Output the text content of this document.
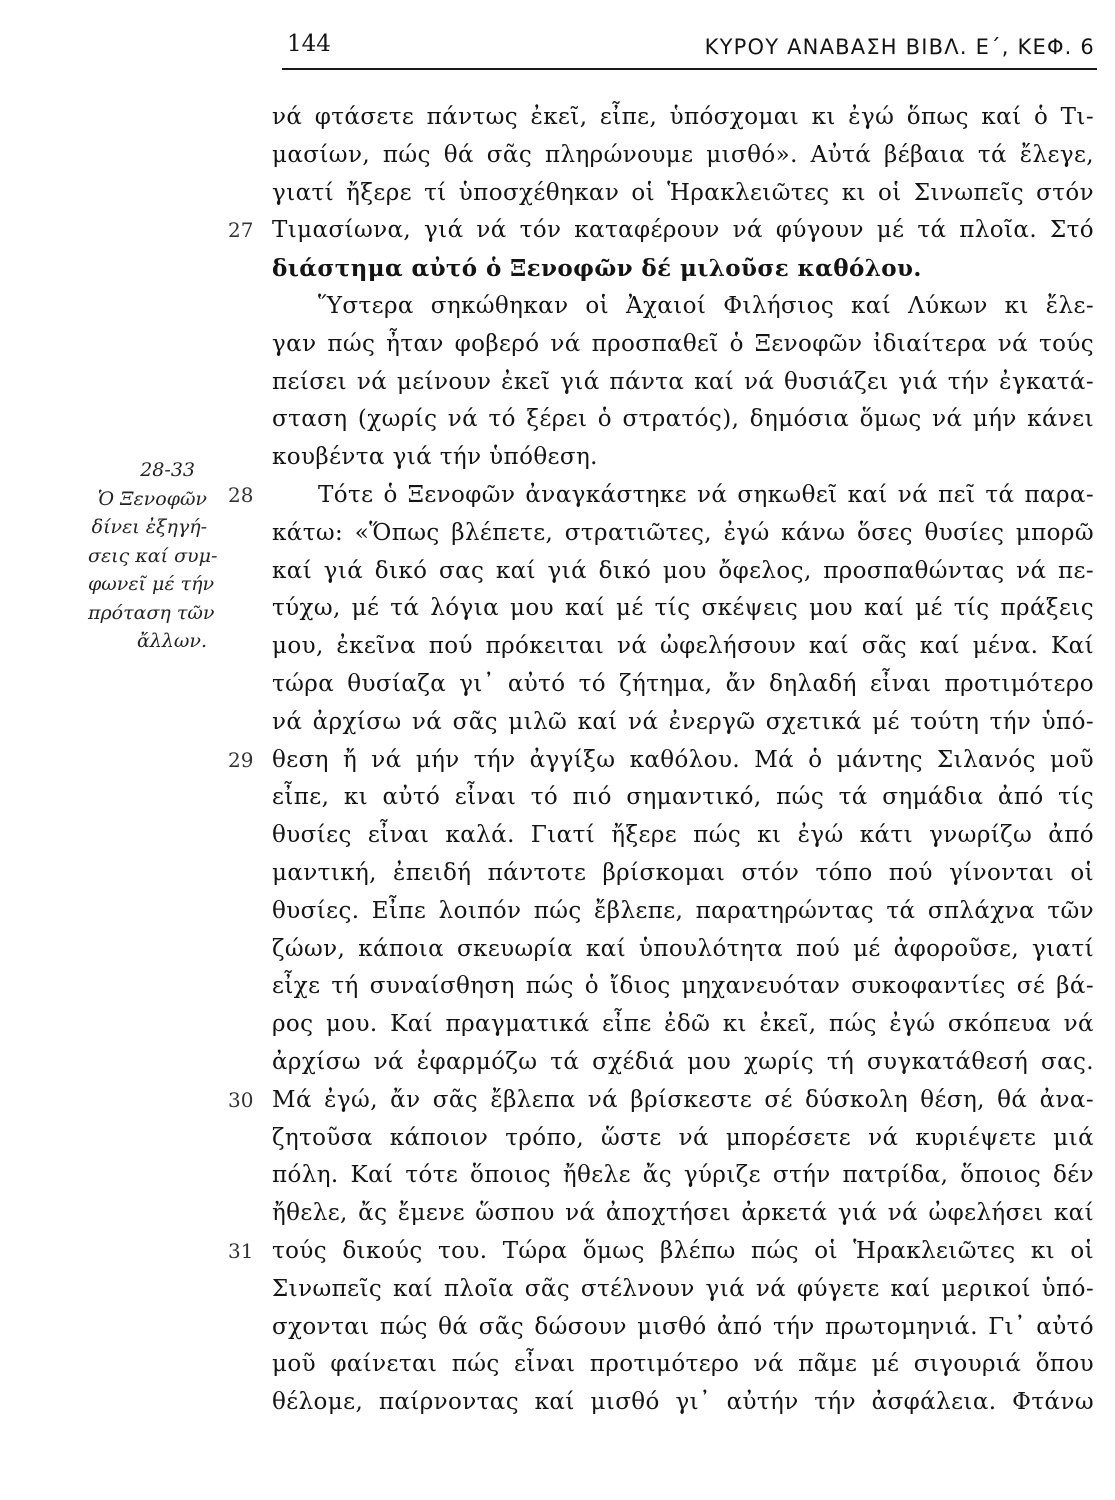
144	ΚΥΡΟΥ ΑΝΑΒΑΣΗ ΒΙΒΛ. Ε΄, ΚΕΦ. 6
27
28
29
30
31
28-33
Ὁ Ξενοφῶν
δίνει ἐξηγή-
σεις καί συμ-
φωνεῖ μέ τήν
πρόταση τῶν
ἄλλων.
νά φτάσετε πάντως ἐκεῖ, εἶπε, ὑπόσχομαι κι ἐγώ ὅπως καί ὁ Τι-
μασίων, πώς θά σᾶς πληρώνουμε μισθό». Αὐτά βέβαια τά ἔλεγε,
γιατί ἤξερε τί ὑποσχέθηκαν οἱ Ἡρακλειῶτες κι οἱ Σινωπεῖς στόν
Τιμασίωνα, γιά νά τόν καταφέρουν νά φύγουν μέ τά πλοῖα. Στό
διάστημα αὐτό ὁ Ξενοφῶν δέ μιλοῦσε καθόλου.
Ὕστερα σηκώθηκαν οἱ Ἀχαιοί Φιλήσιος καί Λύκων κι ἔλε-
γαν πώς ἦταν φοβερό νά προσπαθεῖ ὁ Ξενοφῶν ἰδιαίτερα νά τούς
πείσει νά μείνουν ἐκεῖ γιά πάντα καί νά θυσιάζει γιά τήν ἐγκατά-
σταση (χωρίς νά τό ξέρει ὁ στρατός), δημόσια ὅμως νά μήν κάνει
κουβέντα γιά τήν ὑπόθεση.
Τότε ὁ Ξενοφῶν ἀναγκάστηκε νά σηκωθεῖ καί νά πεῖ τά παρα-
κάτω: «Ὅπως βλέπετε, στρατιῶτες, ἐγώ κάνω ὅσες θυσίες μπορῶ
καί γιά δικό σας καί γιά δικό μου ὄφελος, προσπαθώντας νά πε-
τύχω, μέ τά λόγια μου καί μέ τίς σκέψεις μου καί μέ τίς πράξεις
μου, ἐκεῖνα πού πρόκειται νά ὠφελήσουν καί σᾶς καί μένα. Καί
τώρα θυσίαζα γι᾽ αὐτό τό ζήτημα, ἄν δηλαδή εἶναι προτιμότερο
νά ἀρχίσω νά σᾶς μιλῶ καί νά ἐνεργῶ σχετικά μέ τούτη τήν ὑπό-
θεση ἤ νά μήν τήν ἀγγίξω καθόλου. Μά ὁ μάντης Σιλανός μοῦ
εἶπε, κι αὐτό εἶναι τό πιό σημαντικό, πώς τά σημάδια ἀπό τίς
θυσίες εἶναι καλά. Γιατί ἤξερε πώς κι ἐγώ κάτι γνωρίζω ἀπό
μαντική, ἐπειδή πάντοτε βρίσκομαι στόν τόπο πού γίνονται οἱ
θυσίες. Εἶπε λοιπόν πώς ἔβλεπε, παρατηρώντας τά σπλάχνα τῶν
ζώων, κάποια σκευωρία καί ὑπουλότητα πού μέ ἀφοροῦσε, γιατί
εἶχε τή συναίσθηση πώς ὁ ἴδιος μηχανευόταν συκοφαντίες σέ βά-
ρος μου. Καί πραγματικά εἶπε ἐδῶ κι ἐκεῖ, πώς ἐγώ σκόπευα νά
ἀρχίσω νά ἐφαρμόζω τά σχέδιά μου χωρίς τή συγκατάθεσή σας.
Μά ἐγώ, ἄν σᾶς ἔβλεπα νά βρίσκεστε σέ δύσκολη θέση, θά ἀνα-
ζητοῦσα κάποιον τρόπο, ὥστε νά μπορέσετε νά κυριέψετε μιά
πόλη. Καί τότε ὅποιος ἤθελε ἄς γύριζε στήν πατρίδα, ὅποιος δέν
ἤθελε, ἄς ἔμενε ὥσπου νά ἀποχτήσει ἀρκετά γιά νά ὠφελήσει καί
τούς δικούς του. Τώρα ὅμως βλέπω πώς οἱ Ἡρακλειῶτες κι οἱ
Σινωπεῖς καί πλοῖα σᾶς στέλνουν γιά νά φύγετε καί μερικοί ὑπό-
σχονται πώς θά σᾶς δώσουν μισθό ἀπό τήν πρωτομηνιά. Γι᾽ αὐτό
μοῦ φαίνεται πώς εἶναι προτιμότερο νά πᾶμε μέ σιγουριά ὅπου
θέλομε, παίρνοντας καί μισθό γι᾽ αὐτήν τήν ἀσφάλεια. Φτάνω
